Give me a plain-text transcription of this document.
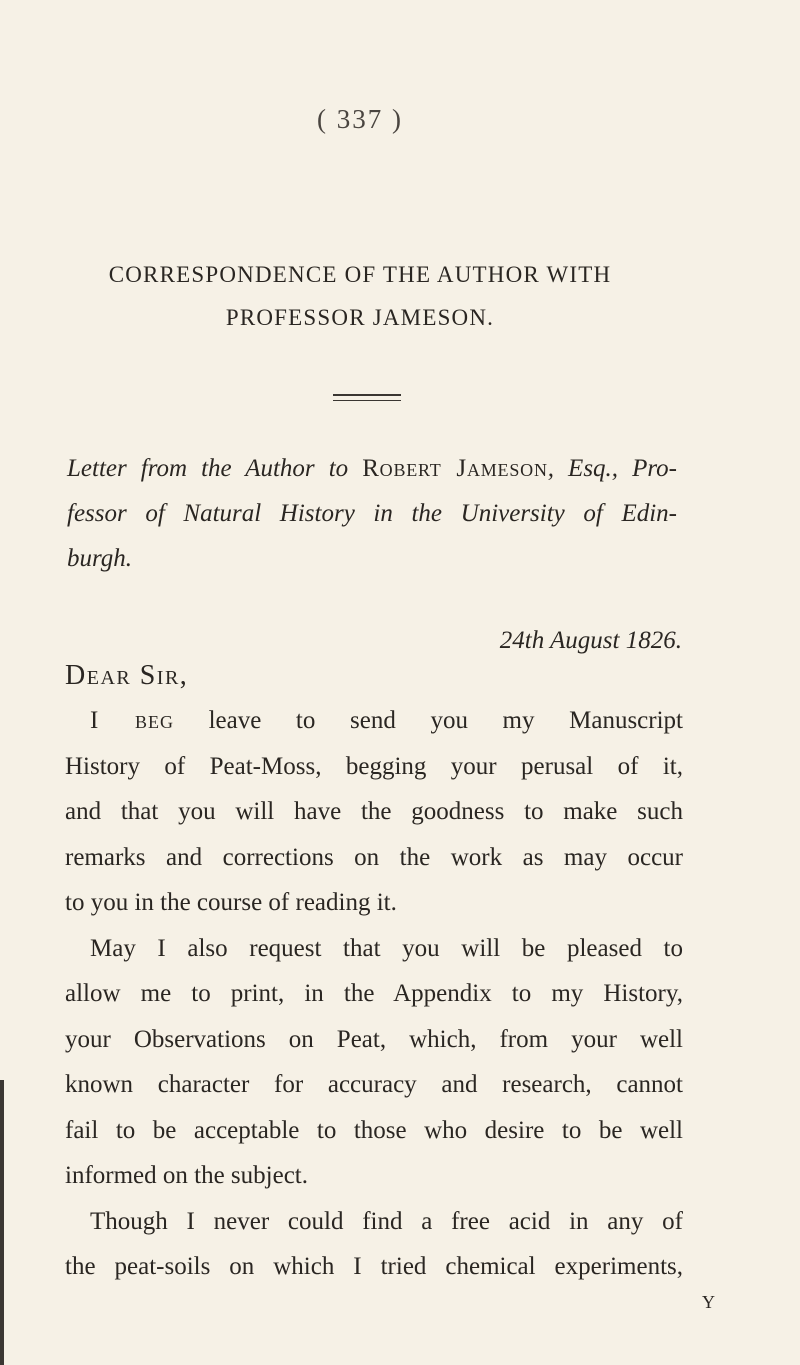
( 337 )
CORRESPONDENCE OF THE AUTHOR WITH
PROFESSOR JAMESON.
Letter from the Author to Robert Jameson, Esq., Pro-
fessor of Natural History in the University of Edin-
burgh.
24th August 1826.
Dear Sir,
I beg leave to send you my Manuscript
History of Peat-Moss, begging your perusal of it,
and that you will have the goodness to make such
remarks and corrections on the work as may occur
to you in the course of reading it.
May I also request that you will be pleased to
allow me to print, in the Appendix to my History,
your Observations on Peat, which, from your well
known character for accuracy and research, cannot
fail to be acceptable to those who desire to be well
informed on the subject.
Though I never could find a free acid in any of
the peat-soils on which I tried chemical experiments,
Y
